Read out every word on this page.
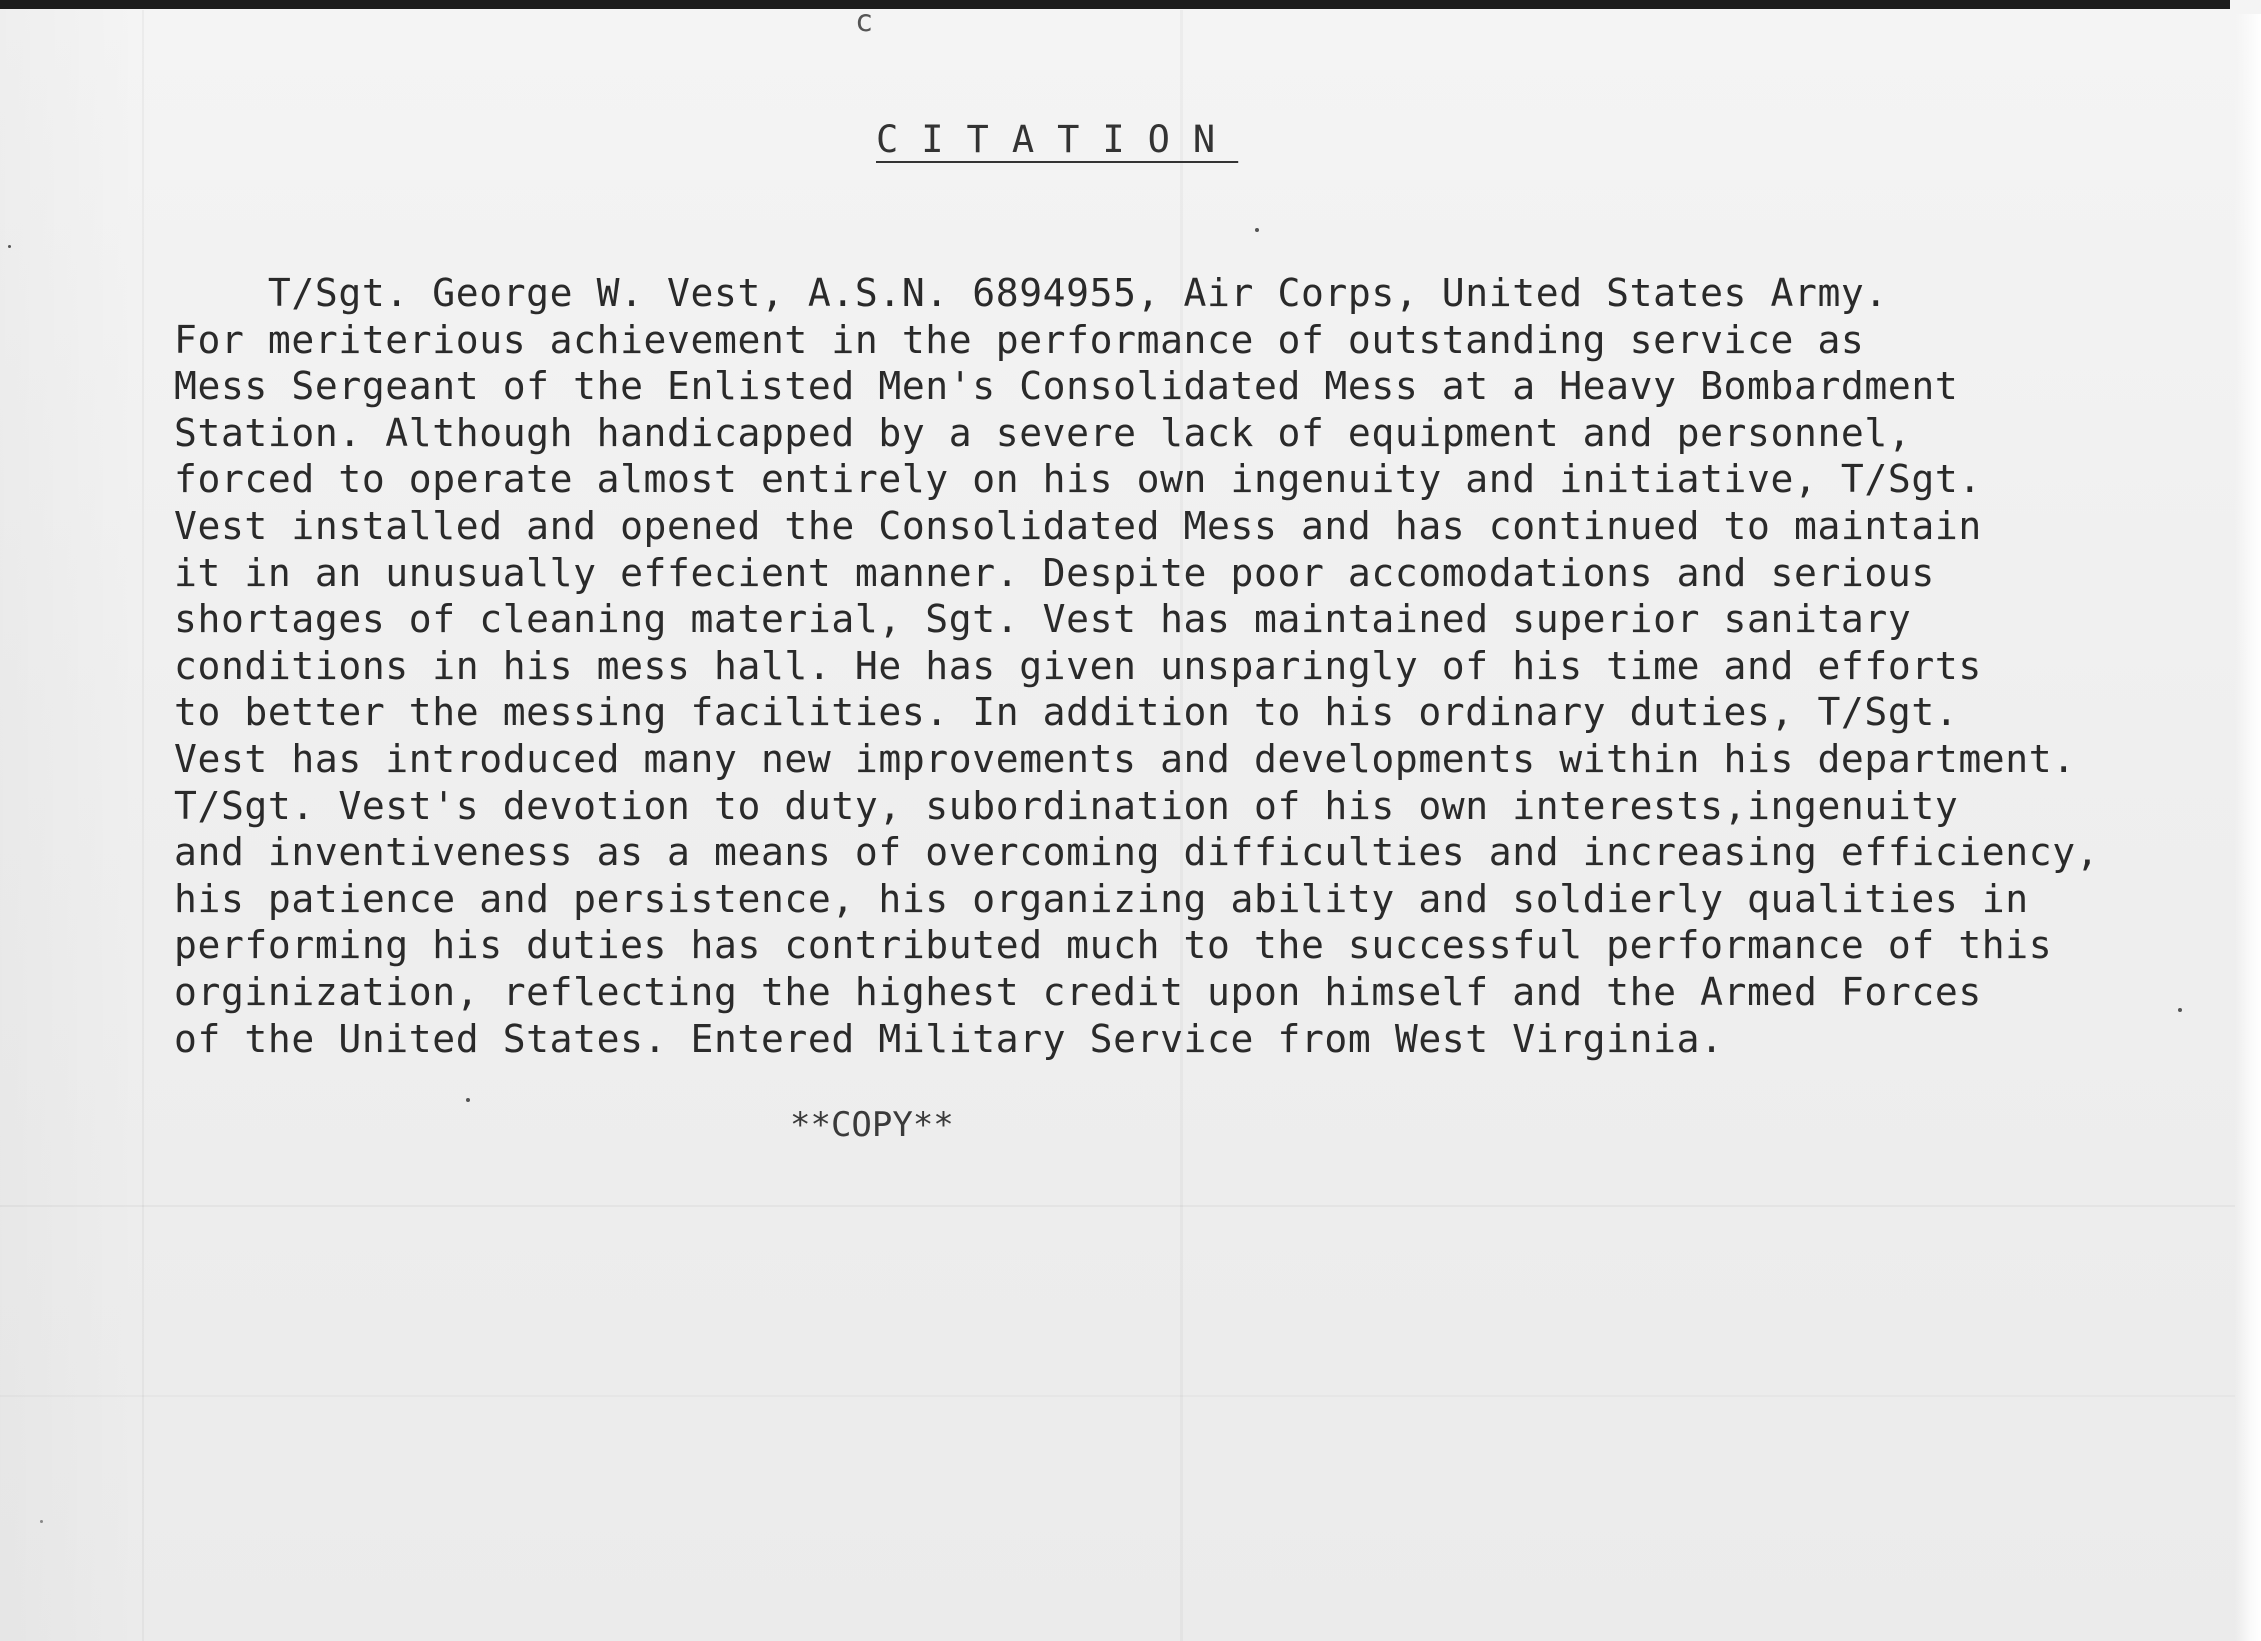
c
CITATION
T/Sgt. George W. Vest, A.S.N. 6894955, Air Corps, United States Army.
For meriterious achievement in the performance of outstanding service as
Mess Sergeant of the Enlisted Men's Consolidated Mess at a Heavy Bombardment
Station. Although handicapped by a severe lack of equipment and personnel,
forced to operate almost entirely on his own ingenuity and initiative, T/Sgt.
Vest installed and opened the Consolidated Mess and has continued to maintain
it in an unusually effecient manner. Despite poor accomodations and serious
shortages of cleaning material, Sgt. Vest has maintained superior sanitary
conditions in his mess hall. He has given unsparingly of his time and efforts
to better the messing facilities. In addition to his ordinary duties, T/Sgt.
Vest has introduced many new improvements and developments within his department.
T/Sgt. Vest's devotion to duty, subordination of his own interests,ingenuity
and inventiveness as a means of overcoming difficulties and increasing efficiency,
his patience and persistence, his organizing ability and soldierly qualities in
performing his duties has contributed much to the successful performance of this
orginization, reflecting the highest credit upon himself and the Armed Forces
of the United States. Entered Military Service from West Virginia.
**COPY**
